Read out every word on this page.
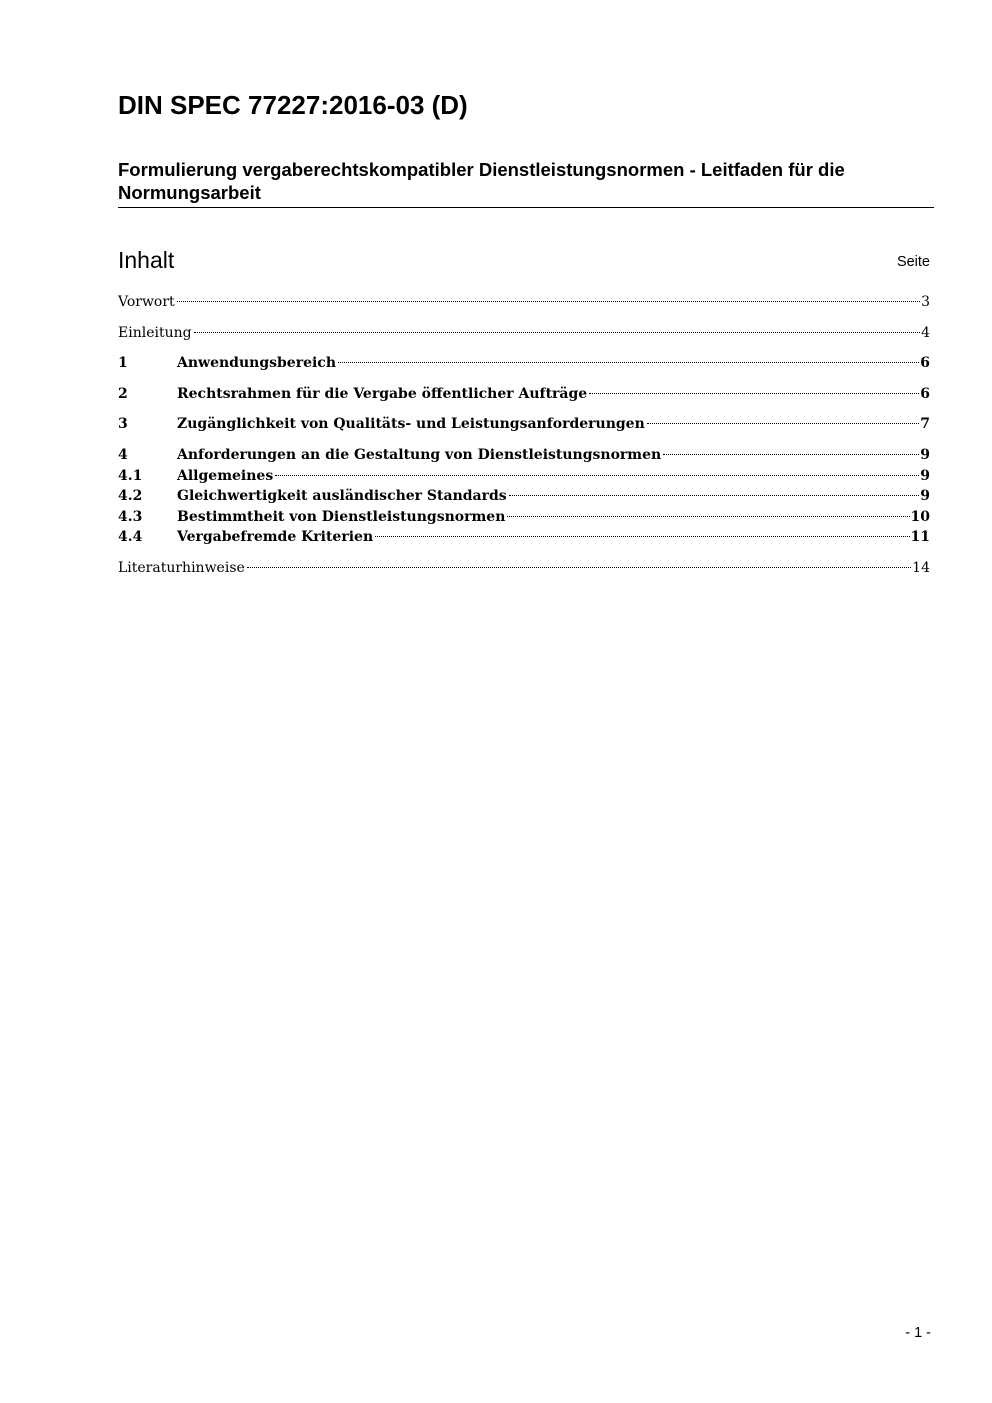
DIN SPEC 77227:2016-03 (D)
Formulierung vergaberechtskompatibler Dienstleistungsnormen - Leitfaden für die Normungsarbeit
Inhalt	Seite
Vorwort	3
Einleitung	4
1	Anwendungsbereich	6
2	Rechtsrahmen für die Vergabe öffentlicher Aufträge	6
3	Zugänglichkeit von Qualitäts- und Leistungsanforderungen	7
4	Anforderungen an die Gestaltung von Dienstleistungsnormen	9
4.1	Allgemeines	9
4.2	Gleichwertigkeit ausländischer Standards	9
4.3	Bestimmtheit von Dienstleistungsnormen	10
4.4	Vergabefremde Kriterien	11
Literaturhinweise	14
- 1 -
